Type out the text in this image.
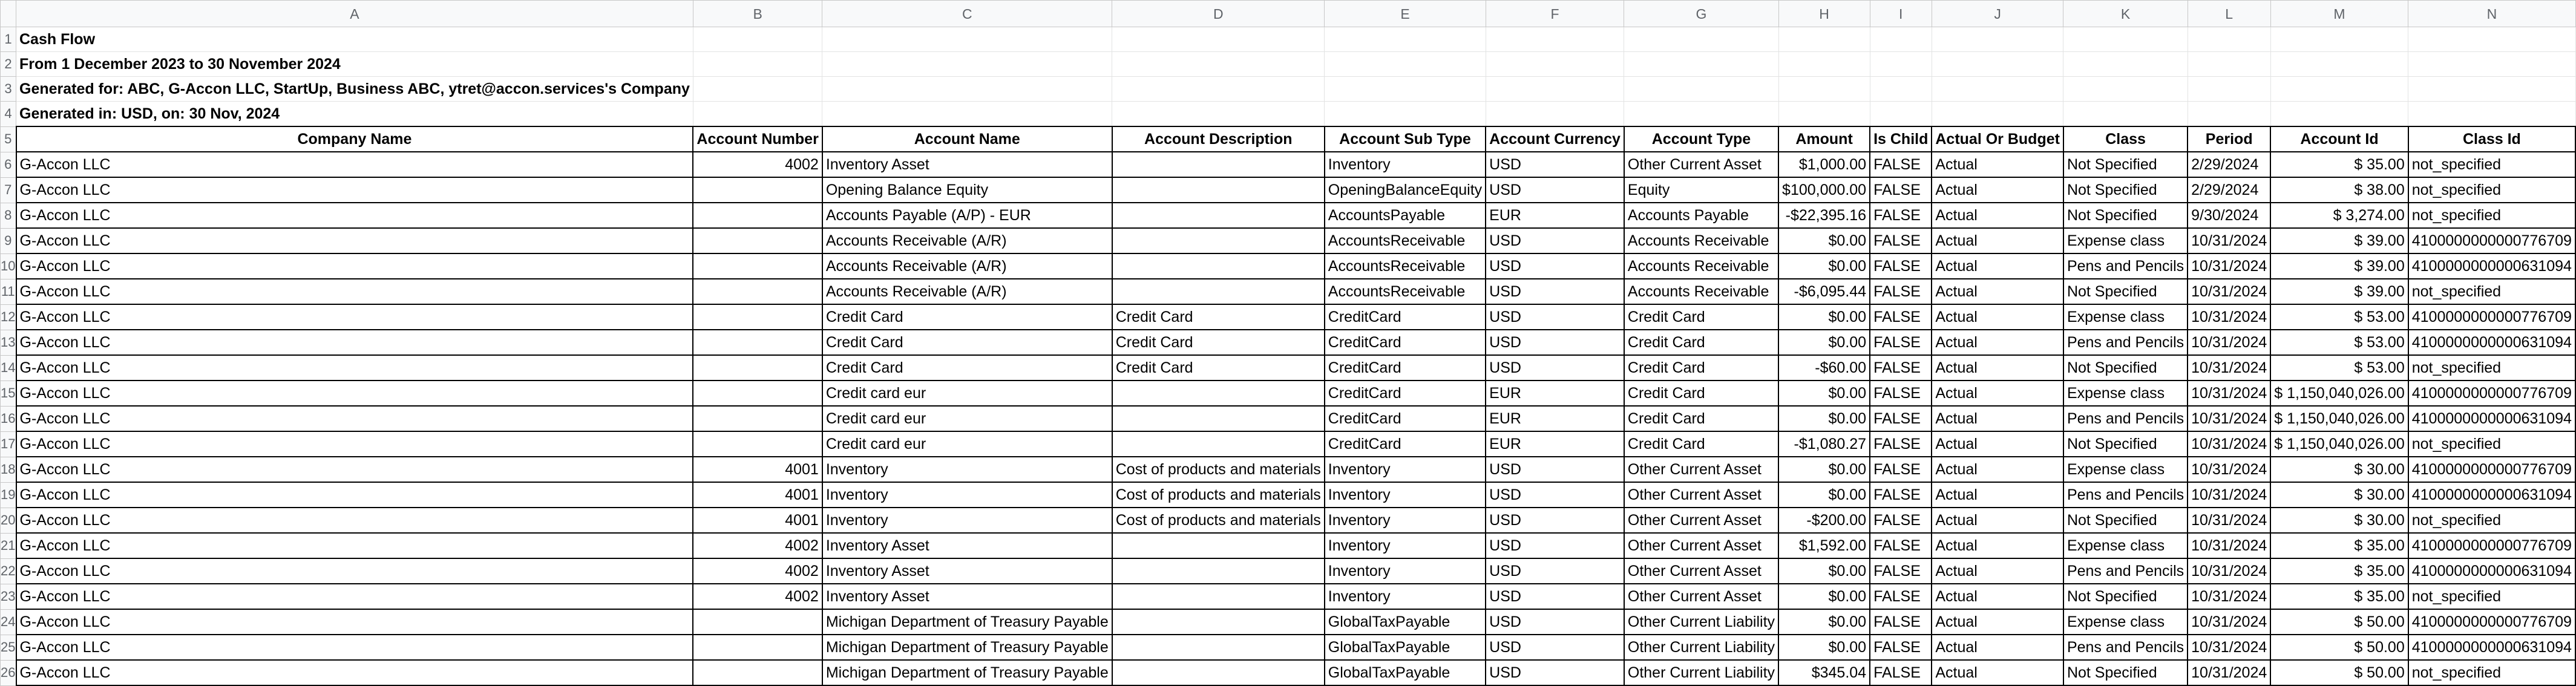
	A	B	C	D	E	F	G	H	I	J	K	L	M	N
1	Cash Flow													
2	From 1 December 2023 to 30 November 2024													
3	Generated for: ABC, G-Accon LLC, StartUp, Business ABC, ytret@accon.services's Company													
4	Generated in: USD, on: 30 Nov, 2024													
5	Company Name	Account Number	Account Name	Account Description	Account Sub Type	Account Currency	Account Type	Amount	Is Child	Actual Or Budget	Class	Period	Account Id	Class Id
6	G-Accon LLC	4002	Inventory Asset		Inventory	USD	Other Current Asset	$1,000.00	FALSE	Actual	Not Specified	2/29/2024	$ 35.00	not_specified
7	G-Accon LLC		Opening Balance Equity		OpeningBalanceEquity	USD	Equity	$100,000.00	FALSE	Actual	Not Specified	2/29/2024	$ 38.00	not_specified
8	G-Accon LLC		Accounts Payable (A/P) - EUR		AccountsPayable	EUR	Accounts Payable	-$22,395.16	FALSE	Actual	Not Specified	9/30/2024	$ 3,274.00	not_specified
9	G-Accon LLC		Accounts Receivable (A/R)		AccountsReceivable	USD	Accounts Receivable	$0.00	FALSE	Actual	Expense class	10/31/2024	$ 39.00	4100000000000776709
10	G-Accon LLC		Accounts Receivable (A/R)		AccountsReceivable	USD	Accounts Receivable	$0.00	FALSE	Actual	Pens and Pencils	10/31/2024	$ 39.00	4100000000000631094
11	G-Accon LLC		Accounts Receivable (A/R)		AccountsReceivable	USD	Accounts Receivable	-$6,095.44	FALSE	Actual	Not Specified	10/31/2024	$ 39.00	not_specified
12	G-Accon LLC		Credit Card	Credit Card	CreditCard	USD	Credit Card	$0.00	FALSE	Actual	Expense class	10/31/2024	$ 53.00	4100000000000776709
13	G-Accon LLC		Credit Card	Credit Card	CreditCard	USD	Credit Card	$0.00	FALSE	Actual	Pens and Pencils	10/31/2024	$ 53.00	4100000000000631094
14	G-Accon LLC		Credit Card	Credit Card	CreditCard	USD	Credit Card	-$60.00	FALSE	Actual	Not Specified	10/31/2024	$ 53.00	not_specified
15	G-Accon LLC		Credit card eur		CreditCard	EUR	Credit Card	$0.00	FALSE	Actual	Expense class	10/31/2024	$ 1,150,040,026.00	4100000000000776709
16	G-Accon LLC		Credit card eur		CreditCard	EUR	Credit Card	$0.00	FALSE	Actual	Pens and Pencils	10/31/2024	$ 1,150,040,026.00	4100000000000631094
17	G-Accon LLC		Credit card eur		CreditCard	EUR	Credit Card	-$1,080.27	FALSE	Actual	Not Specified	10/31/2024	$ 1,150,040,026.00	not_specified
18	G-Accon LLC	4001	Inventory	Cost of products and materials	Inventory	USD	Other Current Asset	$0.00	FALSE	Actual	Expense class	10/31/2024	$ 30.00	4100000000000776709
19	G-Accon LLC	4001	Inventory	Cost of products and materials	Inventory	USD	Other Current Asset	$0.00	FALSE	Actual	Pens and Pencils	10/31/2024	$ 30.00	4100000000000631094
20	G-Accon LLC	4001	Inventory	Cost of products and materials	Inventory	USD	Other Current Asset	-$200.00	FALSE	Actual	Not Specified	10/31/2024	$ 30.00	not_specified
21	G-Accon LLC	4002	Inventory Asset		Inventory	USD	Other Current Asset	$1,592.00	FALSE	Actual	Expense class	10/31/2024	$ 35.00	4100000000000776709
22	G-Accon LLC	4002	Inventory Asset		Inventory	USD	Other Current Asset	$0.00	FALSE	Actual	Pens and Pencils	10/31/2024	$ 35.00	4100000000000631094
23	G-Accon LLC	4002	Inventory Asset		Inventory	USD	Other Current Asset	$0.00	FALSE	Actual	Not Specified	10/31/2024	$ 35.00	not_specified
24	G-Accon LLC		Michigan Department of Treasury Payable		GlobalTaxPayable	USD	Other Current Liability	$0.00	FALSE	Actual	Expense class	10/31/2024	$ 50.00	4100000000000776709
25	G-Accon LLC		Michigan Department of Treasury Payable		GlobalTaxPayable	USD	Other Current Liability	$0.00	FALSE	Actual	Pens and Pencils	10/31/2024	$ 50.00	4100000000000631094
26	G-Accon LLC		Michigan Department of Treasury Payable		GlobalTaxPayable	USD	Other Current Liability	$345.04	FALSE	Actual	Not Specified	10/31/2024	$ 50.00	not_specified
